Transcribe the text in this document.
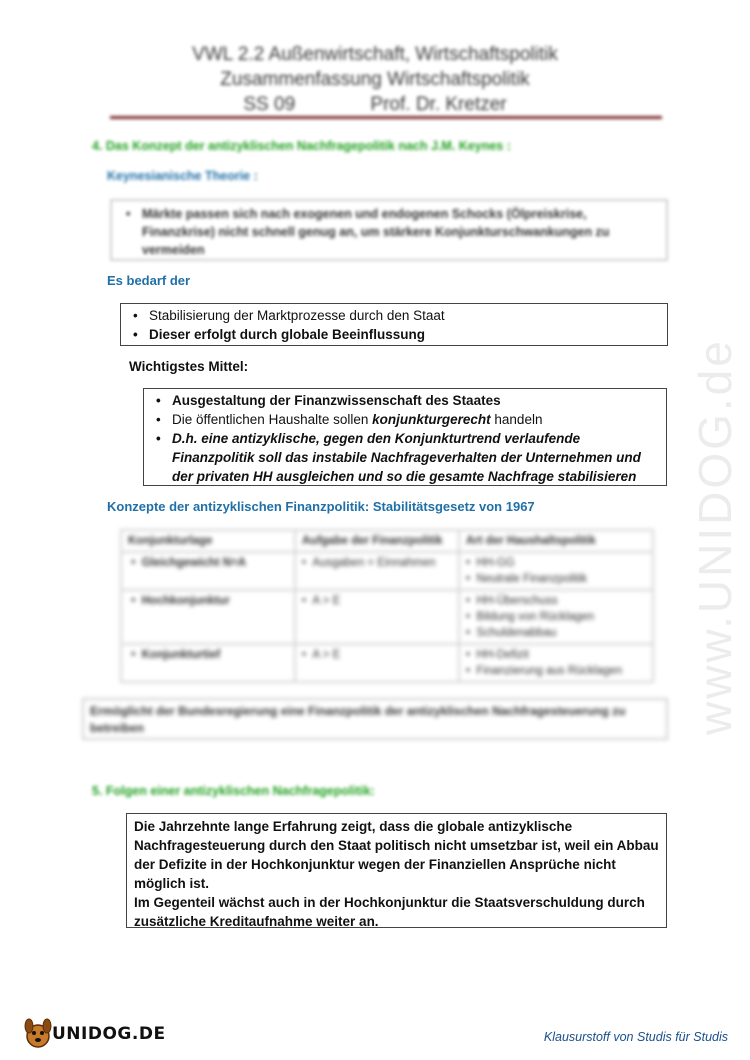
VWL 2.2 Außenwirtschaft, Wirtschaftspolitik
Zusammenfassung Wirtschaftspolitik
SS 09	Prof. Dr. Kretzer
4. Das Konzept der antizyklischen Nachfragepolitik nach J.M. Keynes :
Keynesianische Theorie :
• Märkte passen sich nach exogenen und endogenen Schocks (Ölpreiskrise, Finanzkrise) nicht schnell genug an, um stärkere Konjunkturschwankungen zu vermeiden
Es bedarf der
• Stabilisierung der Marktprozesse durch den Staat
• Dieser erfolgt durch globale Beeinflussung
Wichtigstes Mittel:
• Ausgestaltung der Finanzwissenschaft des Staates
• Die öffentlichen Haushalte sollen konjunkturgerecht handeln
• D.h. eine antizyklische, gegen den Konjunkturtrend verlaufende Finanzpolitik soll das instabile Nachfrageverhalten der Unternehmen und der privaten HH ausgleichen und so die gesamte Nachfrage stabilisieren
Konzepte der antizyklischen Finanzpolitik: Stabilitätsgesetz von 1967
Konjunkturlage	Aufgabe der Finanzpolitik	Art der Haushaltspolitik
•  Gleichgewicht N=A	•  Ausgaben = Einnahmen	•  HH-GG
•  Neutrale Finanzpolitik

•  Hochkonjunktur	•  A > E	•  HH-Überschuss
•  Bildung von Rücklagen
•  Schuldenabbau

•  Konjunkturtief	•  A > E	•  HH-Defizit
•  Finanzierung aus Rücklagen
Ermöglicht der Bundesregierung eine Finanzpolitik der antizyklischen Nachfragesteuerung zu betreiben
5. Folgen einer antizyklischen Nachfragepolitik:

Die Jahrzehnte lange Erfahrung zeigt, dass die globale antizyklische Nachfragesteuerung durch den Staat politisch nicht umsetzbar ist, weil ein Abbau der Defizite in der Hochkonjunktur wegen der Finanziellen Ansprüche nicht möglich ist.

Im Gegenteil wächst auch in der Hochkonjunktur die Staatsverschuldung durch zusätzliche Kreditaufnahme weiter an.

www.UNIDOG.de
UNIDOG.DE	Klausurstoff von Studis für Studis
